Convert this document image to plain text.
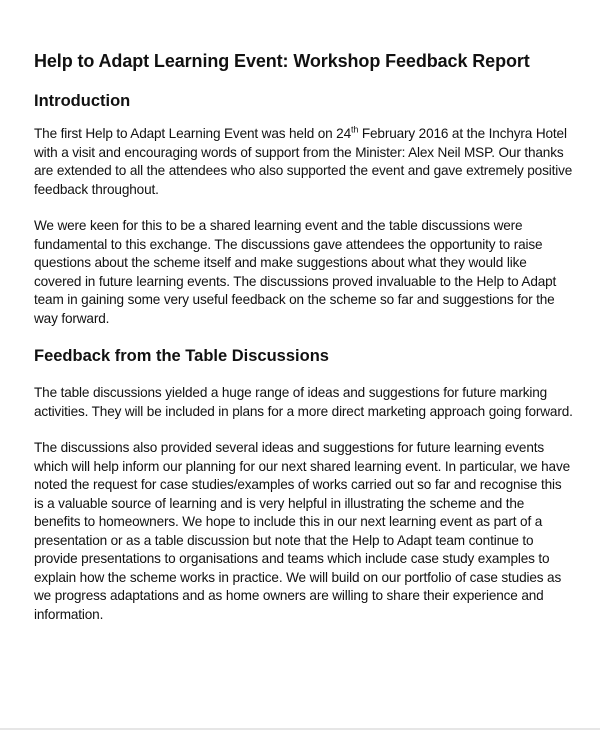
Help to Adapt Learning Event: Workshop Feedback Report
Introduction

The first Help to Adapt Learning Event was held on 24th February 2016 at the Inchyra Hotel with a visit and encouraging words of support from the Minister: Alex Neil MSP. Our thanks are extended to all the attendees who also supported the event and gave extremely positive feedback throughout.

We were keen for this to be a shared learning event and the table discussions were fundamental to this exchange. The discussions gave attendees the opportunity to raise questions about the scheme itself and make suggestions about what they would like covered in future learning events. The discussions proved invaluable to the Help to Adapt team in gaining some very useful feedback on the scheme so far and suggestions for the way forward.

Feedback from the Table Discussions

The table discussions yielded a huge range of ideas and suggestions for future marking activities. They will be included in plans for a more direct marketing approach going forward.

The discussions also provided several ideas and suggestions for future learning events which will help inform our planning for our next shared learning event. In particular, we have noted the request for case studies/examples of works carried out so far and recognise this is a valuable source of learning and is very helpful in illustrating the scheme and the benefits to homeowners. We hope to include this in our next learning event as part of a presentation or as a table discussion but note that the Help to Adapt team continue to provide presentations to organisations and teams which include case study examples to explain how the scheme works in practice. We will build on our portfolio of case studies as we progress adaptations and as home owners are willing to share their experience and information.
